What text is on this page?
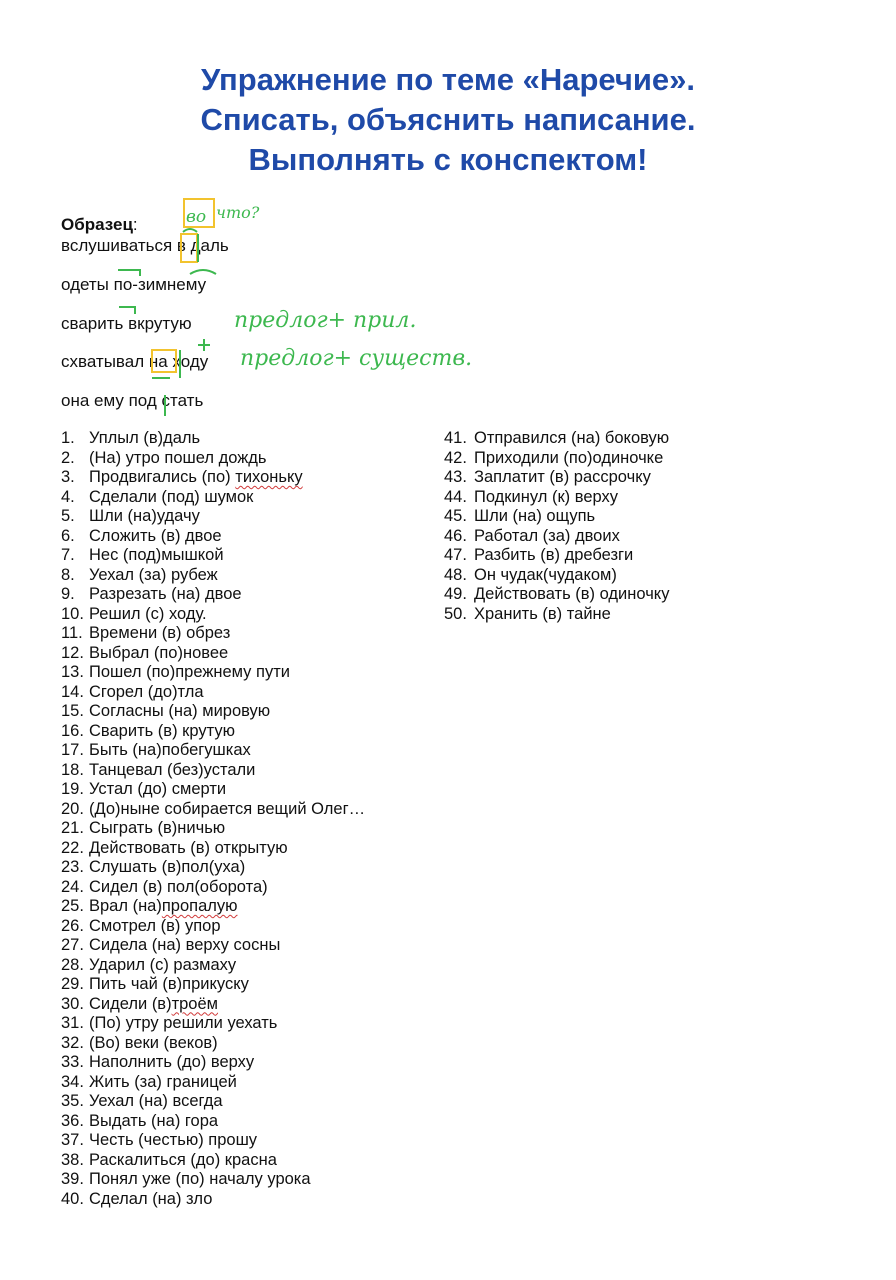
Упражнение по теме «Наречие».
Списать, объяснить написание.
Выполнять с конспектом!
Образец:
вслушиваться в даль
одеты по-зимнему
сварить вкрутую
схватывал на ходу
она ему под стать
во что?
предлог+ прил.
предлог+ существ.
1. Уплыл (в)даль
2. (На) утро пошел дождь
3. Продвигались (по) тихоньку
4. Сделали (под) шумок
5. Шли (на)удачу
6. Сложить (в) двое
7. Нес (под)мышкой
8. Уехал (за) рубеж
9. Разрезать (на) двое
10. Решил (с) ходу.
11. Времени (в) обрез
12. Выбрал (по)новее
13. Пошел (по)прежнему пути
14. Сгорел (до)тла
15. Согласны (на) мировую
16. Сварить (в) крутую
17. Быть (на)побегушках
18. Танцевал (без)устали
19. Устал (до) смерти
20. (До)ныне собирается вещий Олег…
21. Сыграть (в)ничью
22. Действовать (в) открытую
23. Слушать (в)пол(уха)
24. Сидел (в) пол(оборота)
25. Врал (на)пропалую
26. Смотрел (в) упор
27. Сидела (на) верху сосны
28. Ударил (с) размаху
29. Пить чай (в)прикуску
30. Сидели (в)троём
31. (По) утру решили уехать
32. (Во) веки (веков)
33. Наполнить (до) верху
34. Жить (за) границей
35. Уехал (на) всегда
36. Выдать (на) гора
37. Честь (честью) прошу
38. Раскалиться (до) красна
39. Понял уже (по) началу урока
40. Сделал (на) зло
41. Отправился (на) боковую
42. Приходили (по)одиночке
43. Заплатит (в) рассрочку
44. Подкинул (к) верху
45. Шли (на) ощупь
46. Работал (за) двоих
47. Разбить (в) дребезги
48. Он чудак(чудаком)
49. Действовать (в) одиночку
50. Хранить (в) тайне
